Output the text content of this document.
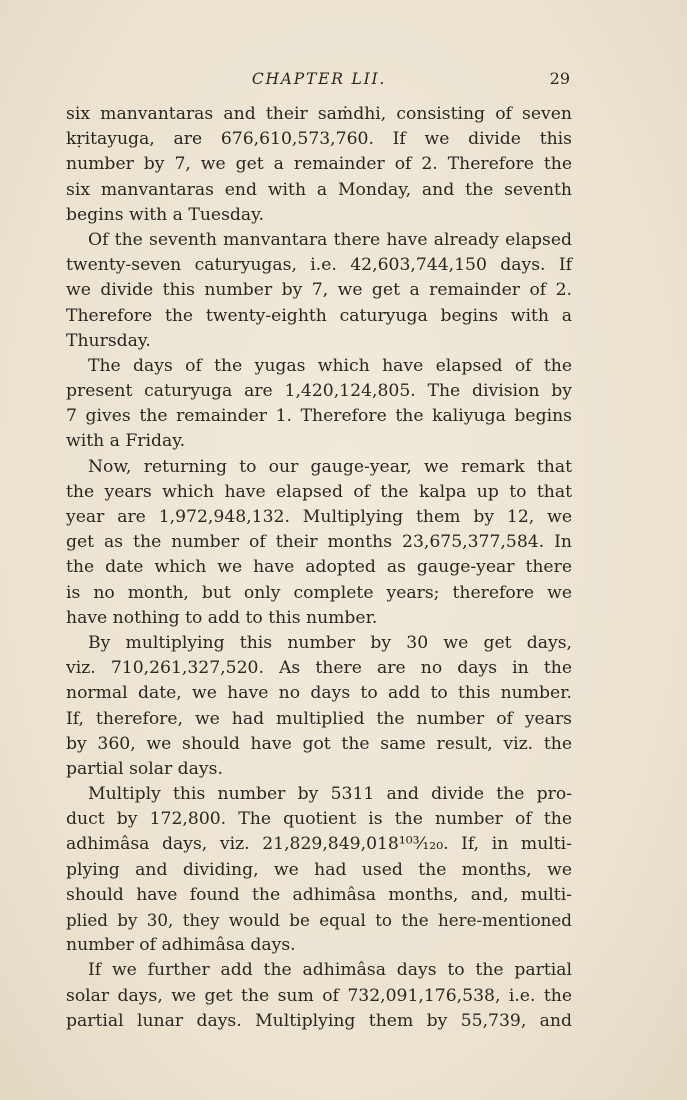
CHAPTER LII.	29
six manvantaras and their saṁdhi, consisting of seven
kṛitayuga, are 676,610,573,760. If we divide this
number by 7, we get a remainder of 2. Therefore the
six manvantaras end with a Monday, and the seventh
begins with a Tuesday.
Of the seventh manvantara there have already elapsed
twenty-seven caturyugas, i.e. 42,603,744,150 days. If
we divide this number by 7, we get a remainder of 2.
Therefore the twenty-eighth caturyuga begins with a
Thursday.
The days of the yugas which have elapsed of the
present caturyuga are 1,420,124,805. The division by
7 gives the remainder 1. Therefore the kaliyuga begins
with a Friday.
Now, returning to our gauge-year, we remark that
the years which have elapsed of the kalpa up to that
year are 1,972,948,132. Multiplying them by 12, we
get as the number of their months 23,675,377,584. In
the date which we have adopted as gauge-year there
is no month, but only complete years; therefore we
have nothing to add to this number.
By multiplying this number by 30 we get days,
viz. 710,261,327,520. As there are no days in the
normal date, we have no days to add to this number.
If, therefore, we had multiplied the number of years
by 360, we should have got the same result, viz. the
partial solar days.
Multiply this number by 5311 and divide the pro-
duct by 172,800. The quotient is the number of the
adhimâsa days, viz. 21,829,849,018¹⁰³⁄₁₂₀. If, in multi-
plying and dividing, we had used the months, we
should have found the adhimâsa months, and, multi-
plied by 30, they would be equal to the here-mentioned
number of adhimâsa days.
If we further add the adhimâsa days to the partial
solar days, we get the sum of 732,091,176,538, i.e. the
partial lunar days. Multiplying them by 55,739, and
